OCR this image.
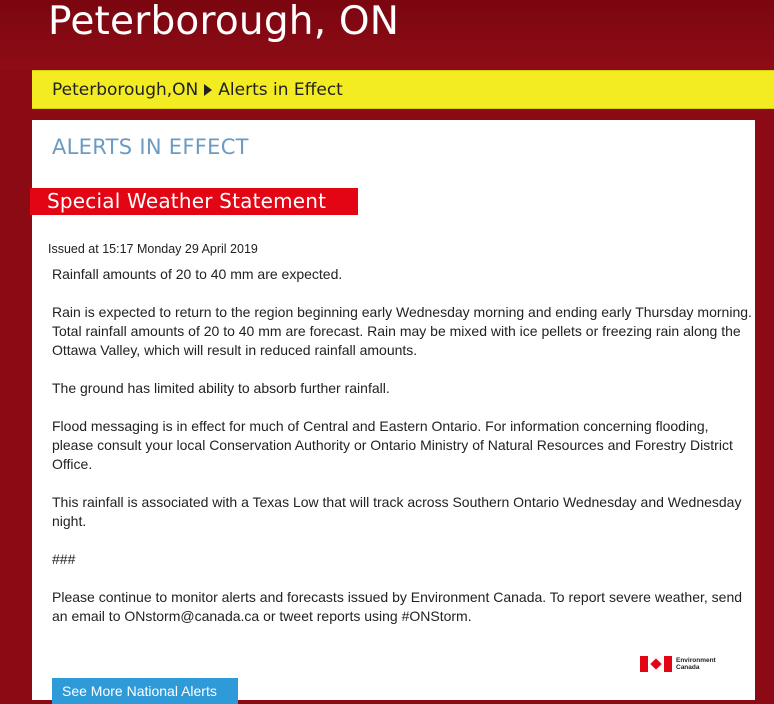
Peterborough, ON
Peterborough,ON Alerts in Effect
ALERTS IN EFFECT
Special Weather Statement
Issued at 15:17 Monday 29 April 2019

Rainfall amounts of 20 to 40 mm are expected.

Rain is expected to return to the region beginning early Wednesday morning and ending early Thursday morning. Total rainfall amounts of 20 to 40 mm are forecast. Rain may be mixed with ice pellets or freezing rain along the Ottawa Valley, which will result in reduced rainfall amounts.

The ground has limited ability to absorb further rainfall.

Flood messaging is in effect for much of Central and Eastern Ontario. For information concerning flooding, please consult your local Conservation Authority or Ontario Ministry of Natural Resources and Forestry District Office.

This rainfall is associated with a Texas Low that will track across Southern Ontario Wednesday and Wednesday night.

###

Please continue to monitor alerts and forecasts issued by Environment Canada. To report severe weather, send an email to ONstorm@canada.ca or tweet reports using #ONStorm.

Environment
Canada
See More National Alerts
